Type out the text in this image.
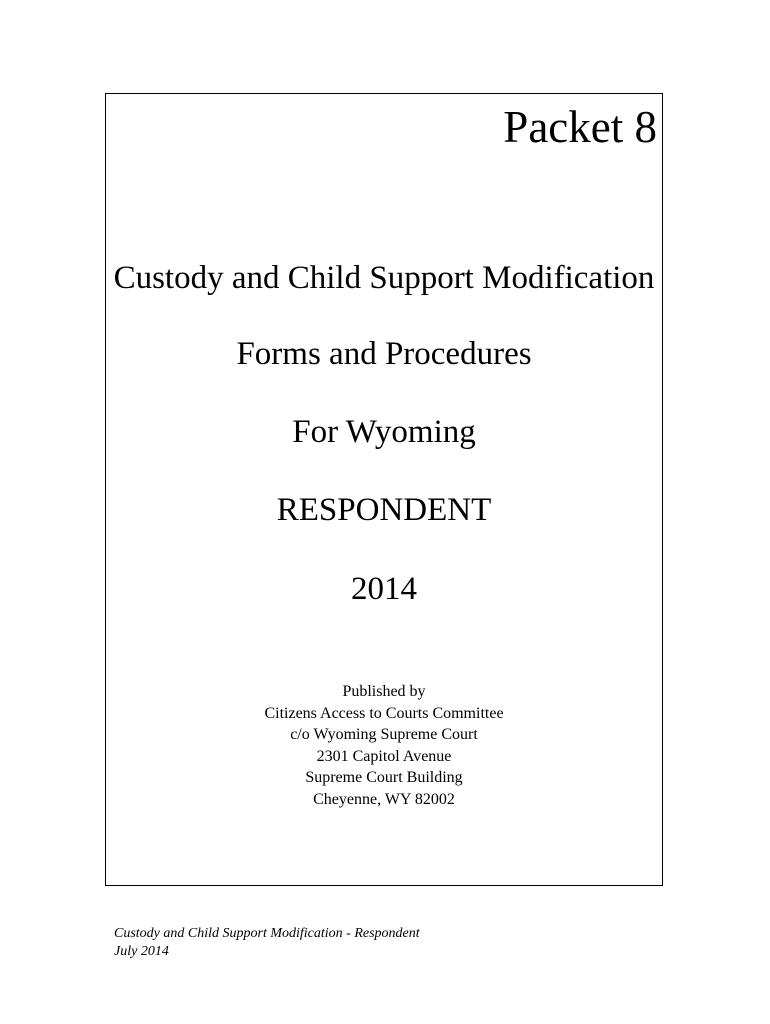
Packet 8
Custody and Child Support Modification
Forms and Procedures
For Wyoming
RESPONDENT
2014
Published by
Citizens Access to Courts Committee
c/o Wyoming Supreme Court
2301 Capitol Avenue
Supreme Court Building
Cheyenne, WY 82002
Custody and Child Support Modification - Respondent
July 2014
